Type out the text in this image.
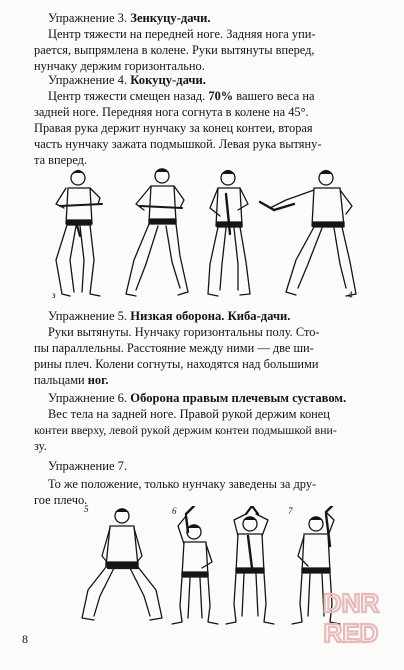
Упражнение 3. Зенкуцу-дачи.
Центр тяжести на передней ноге. Задняя нога упи-
рается, выпрямлена в колене. Руки вытянуты вперед,
нунчаку держим горизонтально.
Упражнение 4. Кокуцу-дачи.
Центр тяжести смещен назад. 70% вашего веса на
задней ноге. Передняя нога согнута в колене на 45°.
Правая рука держит нунчаку за конец контеи, вторая
часть нунчаку зажата подмышкой. Левая рука вытяну-
та вперед.
з	4
Упражнение 5. Низкая оборона. Киба-дачи.
Руки вытянуты. Нунчаку горизонтальны полу. Сто-
пы параллельны. Расстояние между ними — две ши-
рины плеч. Колени согнуты, находятся над большими
пальцами ног.
Упражнение 6. Оборона правым плечевым суставом.
Вес тела на задней ноге. Правой рукой держим конец
контеи вверху, левой рукой держим контеи подмышкой вни-
зу.
Упражнение 7.
То же положение, только нунчаку заведены за дру-
гое плечо.
5	6	7
8
DNR
RED
